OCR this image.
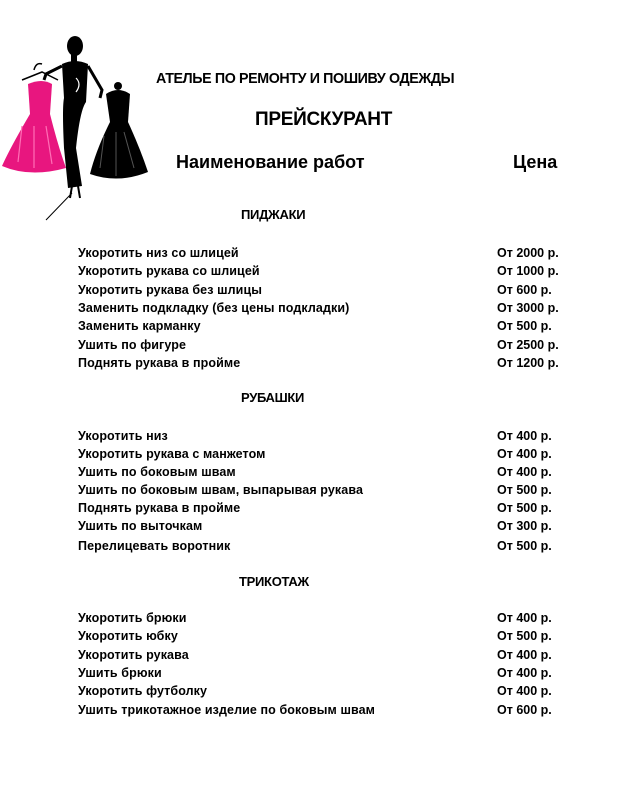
АТЕЛЬЕ ПО РЕМОНТУ И ПОШИВУ ОДЕЖДЫ
ПРЕЙСКУРАНТ
Наименование работ	Цена
ПИДЖАКИ
Укоротить низ со шлицей	От 2000 р.
Укоротить рукава со шлицей	От 1000 р.
Укоротить рукава без шлицы	От 600 р.
Заменить подкладку (без цены подкладки)	От 3000 р.
Заменить карманку	От 500 р.
Ушить по фигуре	От 2500 р.
Поднять рукава в пройме	От 1200 р.
РУБАШКИ
Укоротить низ	От 400 р.
Укоротить рукава с манжетом	От 400 р.
Ушить по боковым швам	От 400 р.
Ушить по боковым швам, выпарывая рукава	От 500 р.
Поднять рукава в пройме	От 500 р.
Ушить по выточкам	От 300 р.
Перелицевать воротник	От 500 р.
ТРИКОТАЖ
Укоротить брюки	От 400 р.
Укоротить юбку	От 500 р.
Укоротить рукава	От 400 р.
Ушить брюки	От 400 р.
Укоротить футболку	От 400 р.
Ушить трикотажное изделие по боковым швам	От 600 р.
